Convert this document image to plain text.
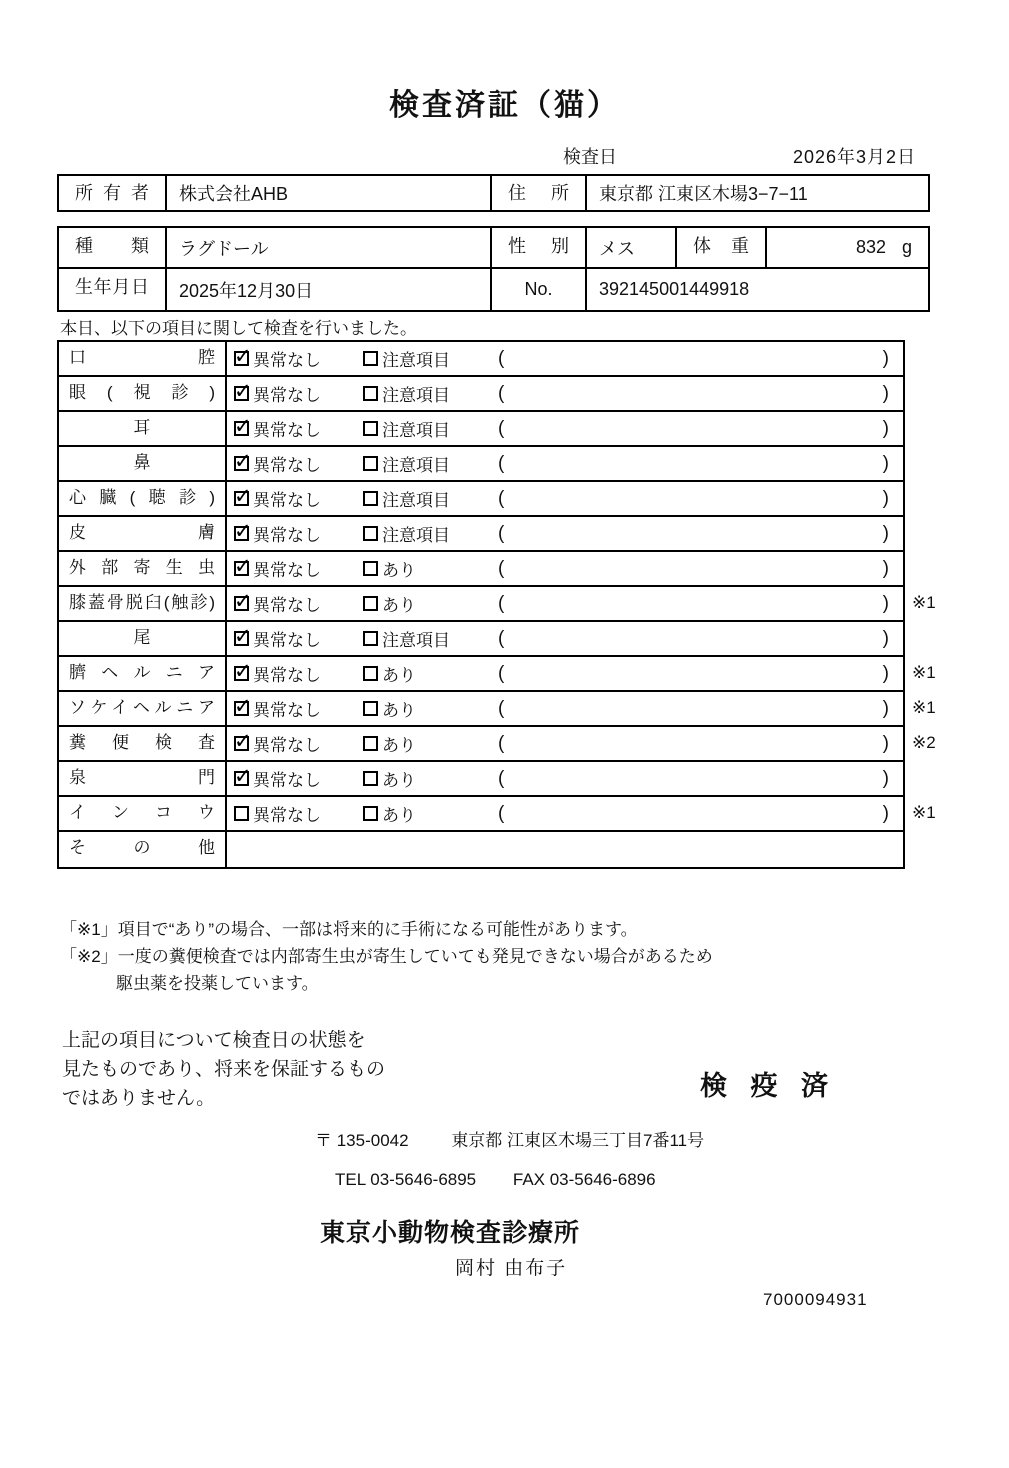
検査済証（猫）
検査日	2026年3月2日
所有者	株式会社AHB	住所	東京都 江東区木場3−7−11
種類	ラグドール	性別	メス	体重	832 g
生年月日	2025年12月30日	No.	392145001449918
本日、以下の項目に関して検査を行いました。
口腔 ✓	異常なし	注意項目	(	)
眼(視診) ✓	異常なし	注意項目	(	)
耳 ✓	異常なし	注意項目	(	)
鼻 ✓	異常なし	注意項目	(	)
心臓(聴診) ✓	異常なし	注意項目	(	)
皮膚 ✓	異常なし	注意項目	(	)
外部寄生虫 ✓	異常なし	あり	(	)
膝蓋骨脱臼(触診) ✓	異常なし	あり	(	) ※1
尾 ✓	異常なし	注意項目	(	)
臍ヘルニア ✓	異常なし	あり	(	) ※1
ソケイヘルニア ✓	異常なし	あり	(	) ※1
糞便検査 ✓	異常なし	あり	(	) ※2
泉門 ✓	異常なし	あり	(	)
インコウ	異常なし	あり	(	) ※1
その他
「※1」項目で“あり”の場合、一部は将来的に手術になる可能性があります。
「※2」一度の糞便検査では内部寄生虫が寄生していても発見できない場合があるため
駆虫薬を投薬しています。
上記の項目について検査日の状態を
見たものであり、将来を保証するもの
ではありません。	検 疫 済
〒 135-0042	東京都 江東区木場三丁目7番11号
TEL 03-5646-6895 FAX 03-5646-6896
東京小動物検査診療所
岡村 由布子
7000094931
